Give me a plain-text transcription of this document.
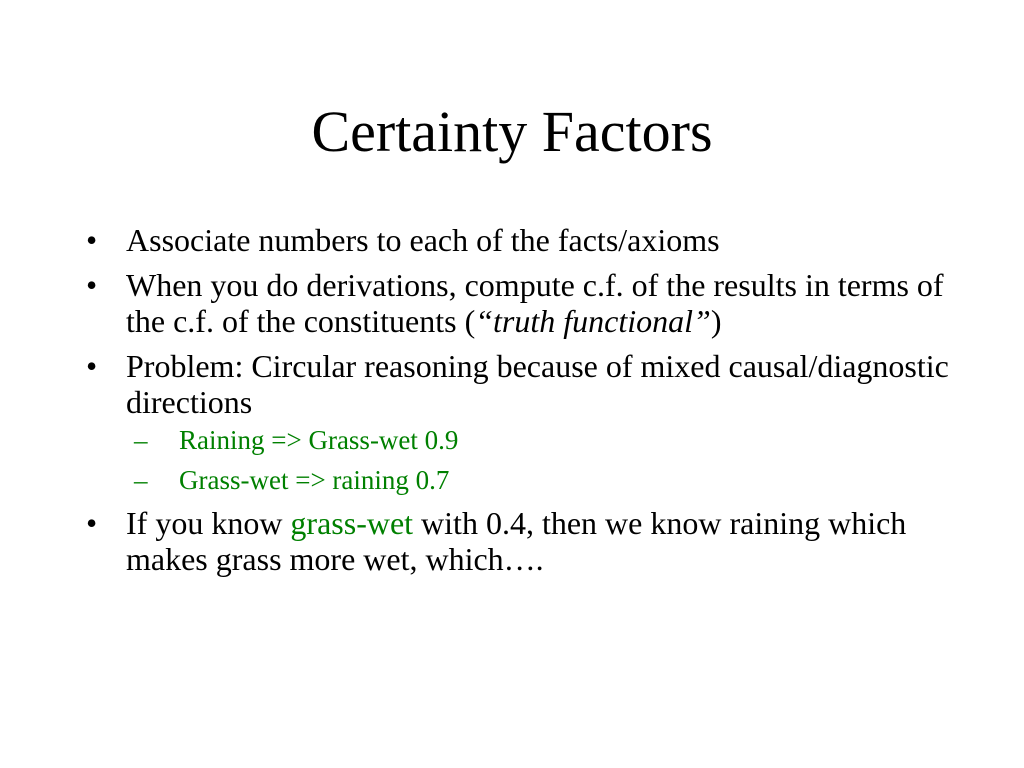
Certainty Factors
• Associate numbers to each of the facts/axioms
• When you do derivations, compute c.f. of the results in terms of the c.f. of the constituents (“truth functional”)
• Problem: Circular reasoning because of mixed causal/diagnostic directions
–	Raining => Grass-wet 0.9
–	Grass-wet => raining 0.7
• If you know grass-wet with 0.4, then we know raining which makes grass more wet, which….
